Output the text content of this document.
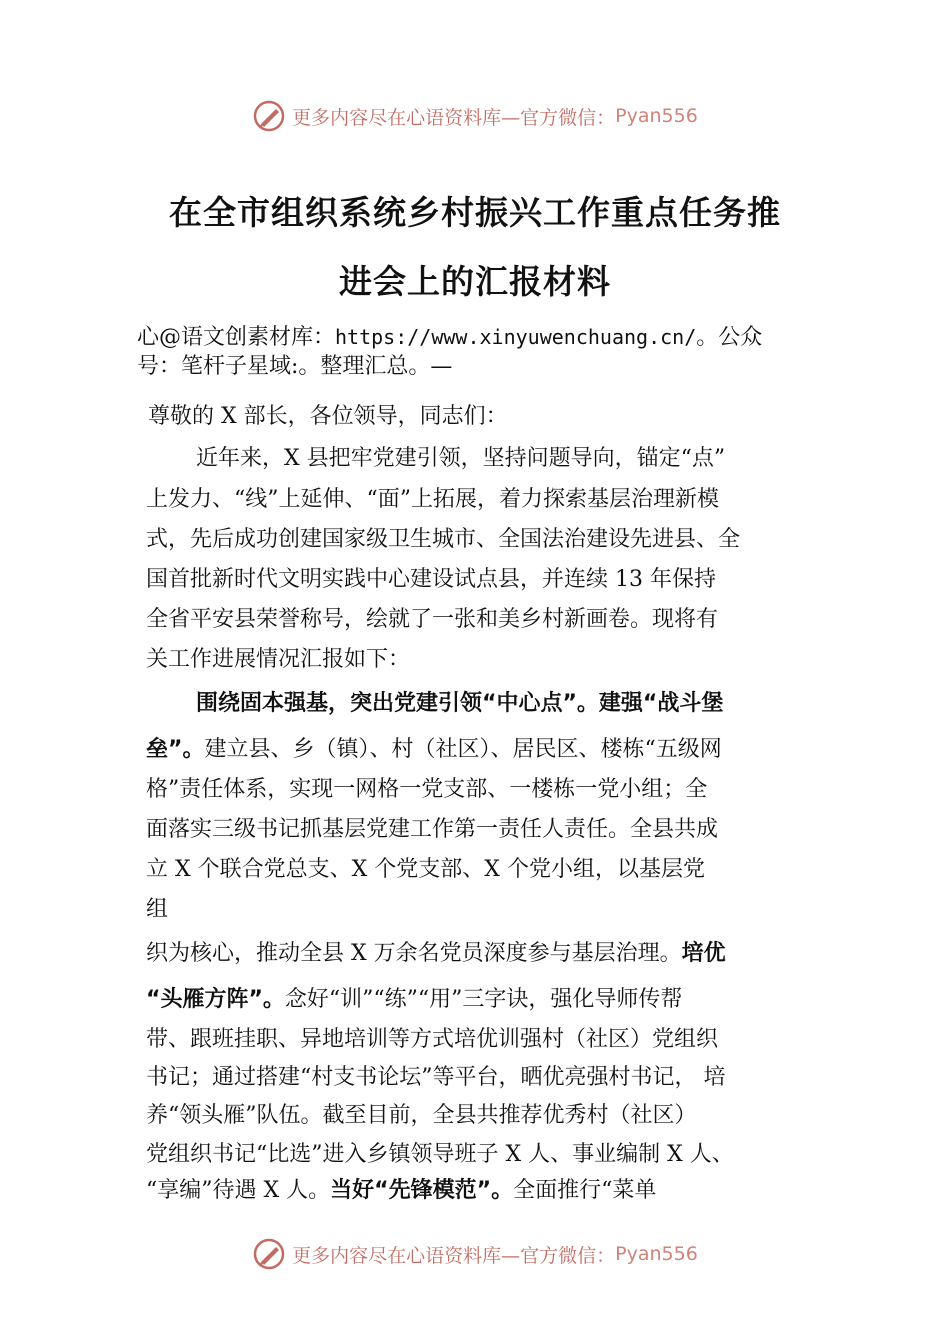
更多内容尽在心语资料库—官方微信： Pyan556
在全市组织系统乡村振兴工作重点任务推
进会上的汇报材料
心@语文创素材库：https://www.xinyuwenchuang.cn/。公众
号：笔杆子星域:。整理汇总。—
尊敬的 X 部长，各位领导，同志们：
近年来，X 县把牢党建引领，坚持问题导向，锚定“点”
上发力、“线”上延伸、“面”上拓展，着力探索基层治理新模
式，先后成功创建国家级卫生城市、全国法治建设先进县、全
国首批新时代文明实践中心建设试点县，并连续 13 年保持
全省平安县荣誉称号，绘就了一张和美乡村新画卷。现将有
关工作进展情况汇报如下：
围绕固本强基，突出党建引领“中心点”。建强“战斗堡
垒”。建立县、乡（镇）、村（社区）、居民区、楼栋“五级网
格”责任体系，实现一网格一党支部、一楼栋一党小组；全
面落实三级书记抓基层党建工作第一责任人责任。全县共成
立 X 个联合党总支、X 个党支部、X 个党小组，以基层党
组
织为核心，推动全县 X 万余名党员深度参与基层治理。培优
“头雁方阵”。念好“训”“练”“用”三字诀，强化导师传帮
带、跟班挂职、异地培训等方式培优训强村（社区）党组织
书记；通过搭建“村支书论坛”等平台，晒优亮强村书记， 培
养“领头雁”队伍。截至目前，全县共推荐优秀村（社区）
党组织书记“比选”进入乡镇领导班子 X 人、事业编制 X 人、
“享编”待遇 X 人。当好“先锋模范”。全面推行“菜单
更多内容尽在心语资料库—官方微信： Pyan556
